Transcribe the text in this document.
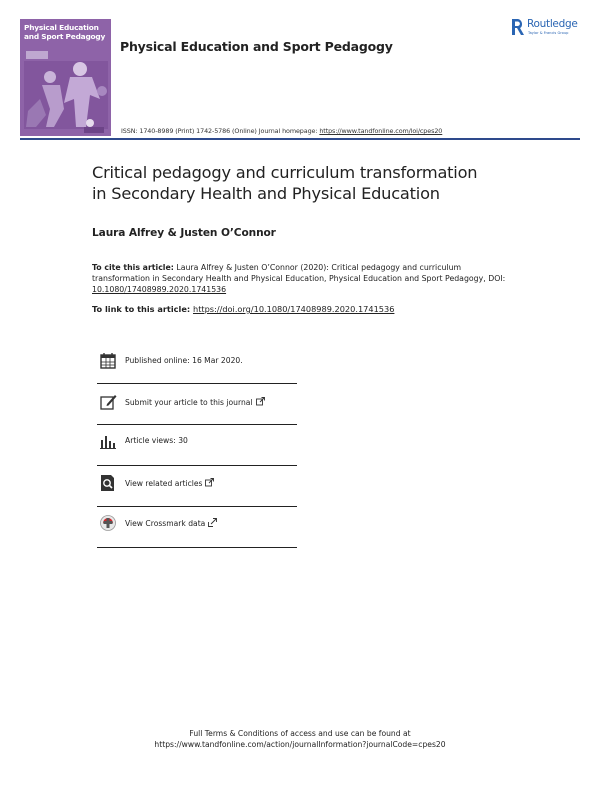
Physical Education
and Sport Pedagogy
Physical Education and Sport Pedagogy
Routledge
Taylor & Francis Group
ISSN: 1740-8989 (Print) 1742-5786 (Online) Journal homepage: https://www.tandfonline.com/loi/cpes20
Critical pedagogy and curriculum transformation
in Secondary Health and Physical Education
Laura Alfrey & Justen O’Connor
To cite this article: Laura Alfrey & Justen O’Connor (2020): Critical pedagogy and curriculum transformation in Secondary Health and Physical Education, Physical Education and Sport Pedagogy, DOI: 10.1080/17408989.2020.1741536
To link to this article: https://doi.org/10.1080/17408989.2020.1741536
Published online: 16 Mar 2020.
Submit your article to this journal
Article views: 30
View related articles
View Crossmark data
Full Terms & Conditions of access and use can be found at
https://www.tandfonline.com/action/journalInformation?journalCode=cpes20
